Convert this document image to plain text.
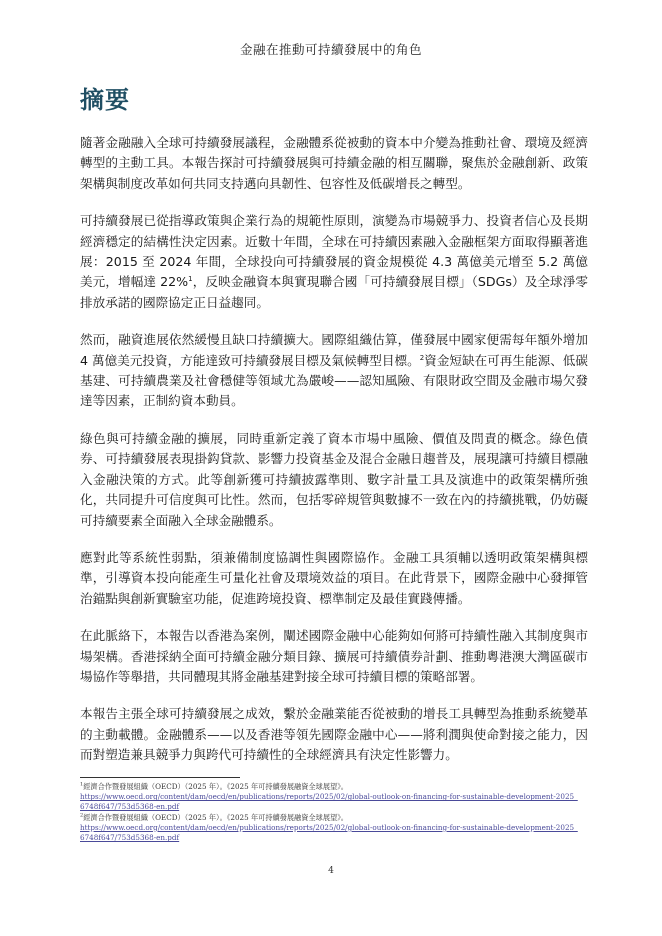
金融在推動可持續發展中的角色
摘要

隨著金融融入全球可持續發展議程，金融體系從被動的資本中介變為推動社會、環境及經濟轉型的主動工具。本報告探討可持續發展與可持續金融的相互關聯，聚焦於金融創新、政策架構與制度改革如何共同支持邁向具韌性、包容性及低碳增長之轉型。

可持續發展已從指導政策與企業行為的規範性原則，演變為市場競爭力、投資者信心及長期經濟穩定的結構性決定因素。近數十年間，全球在可持續因素融入金融框架方面取得顯著進展：2015 至 2024 年間，全球投向可持續發展的資金規模從 4.3 萬億美元增至 5.2 萬億美元，增幅達 22%$^1$，反映金融資本與實現聯合國「可持續發展目標」（SDGs）及全球淨零排放承諾的國際協定正日益趨同。

然而，融資進展依然緩慢且缺口持續擴大。國際組織估算，僅發展中國家便需每年額外增加 4 萬億美元投資，方能達致可持續發展目標及氣候轉型目標。$^2$資金短缺在可再生能源、低碳基建、可持續農業及社會穩健等領域尤為嚴峻——認知風險、有限財政空間及金融市場欠發達等因素，正制約資本動員。

綠色與可持續金融的擴展，同時重新定義了資本市場中風險、價值及問責的概念。綠色債券、可持續發展表現掛鈎貸款、影響力投資基金及混合金融日趨普及，展現讓可持續目標融入金融決策的方式。此等創新獲可持續披露準則、數字計量工具及演進中的政策架構所強化，共同提升可信度與可比性。然而，包括零碎規管與數據不一致在內的持續挑戰，仍妨礙可持續要素全面融入全球金融體系。

應對此等系統性弱點，須兼備制度協調性與國際協作。金融工具須輔以透明政策架構與標準，引導資本投向能產生可量化社會及環境效益的項目。在此背景下，國際金融中心發揮管治錨點與創新實驗室功能，促進跨境投資、標準制定及最佳實踐傳播。

在此脈絡下，本報告以香港為案例，闡述國際金融中心能夠如何將可持續性融入其制度與市場架構。香港採納全面可持續金融分類目錄、擴展可持續債券計劃、推動粵港澳大灣區碳市場協作等舉措，共同體現其將金融基建對接全球可持續目標的策略部署。

本報告主張全球可持續發展之成效，繫於金融業能否從被動的增長工具轉型為推動系統變革的主動載體。金融體系——以及香港等領先國際金融中心——將利潤與使命對接之能力，因而對塑造兼具競爭力與跨代可持續性的全球經濟具有決定性影響力。

$^1$經濟合作暨發展組織（OECD）（2025 年）。《2025 年可持續發展融資全球展望》。
https://www.oecd.org/content/dam/oecd/en/publications/reports/2025/02/global-outlook-on-financing-for-sustainable-development-2025_6748f647/753d5368-en.pdf
$^2$經濟合作暨發展組織（OECD）（2025 年）。《2025 年可持續發展融資全球展望》。
https://www.oecd.org/content/dam/oecd/en/publications/reports/2025/02/global-outlook-on-financing-for-sustainable-development-2025_6748f647/753d5368-en.pdf
4
